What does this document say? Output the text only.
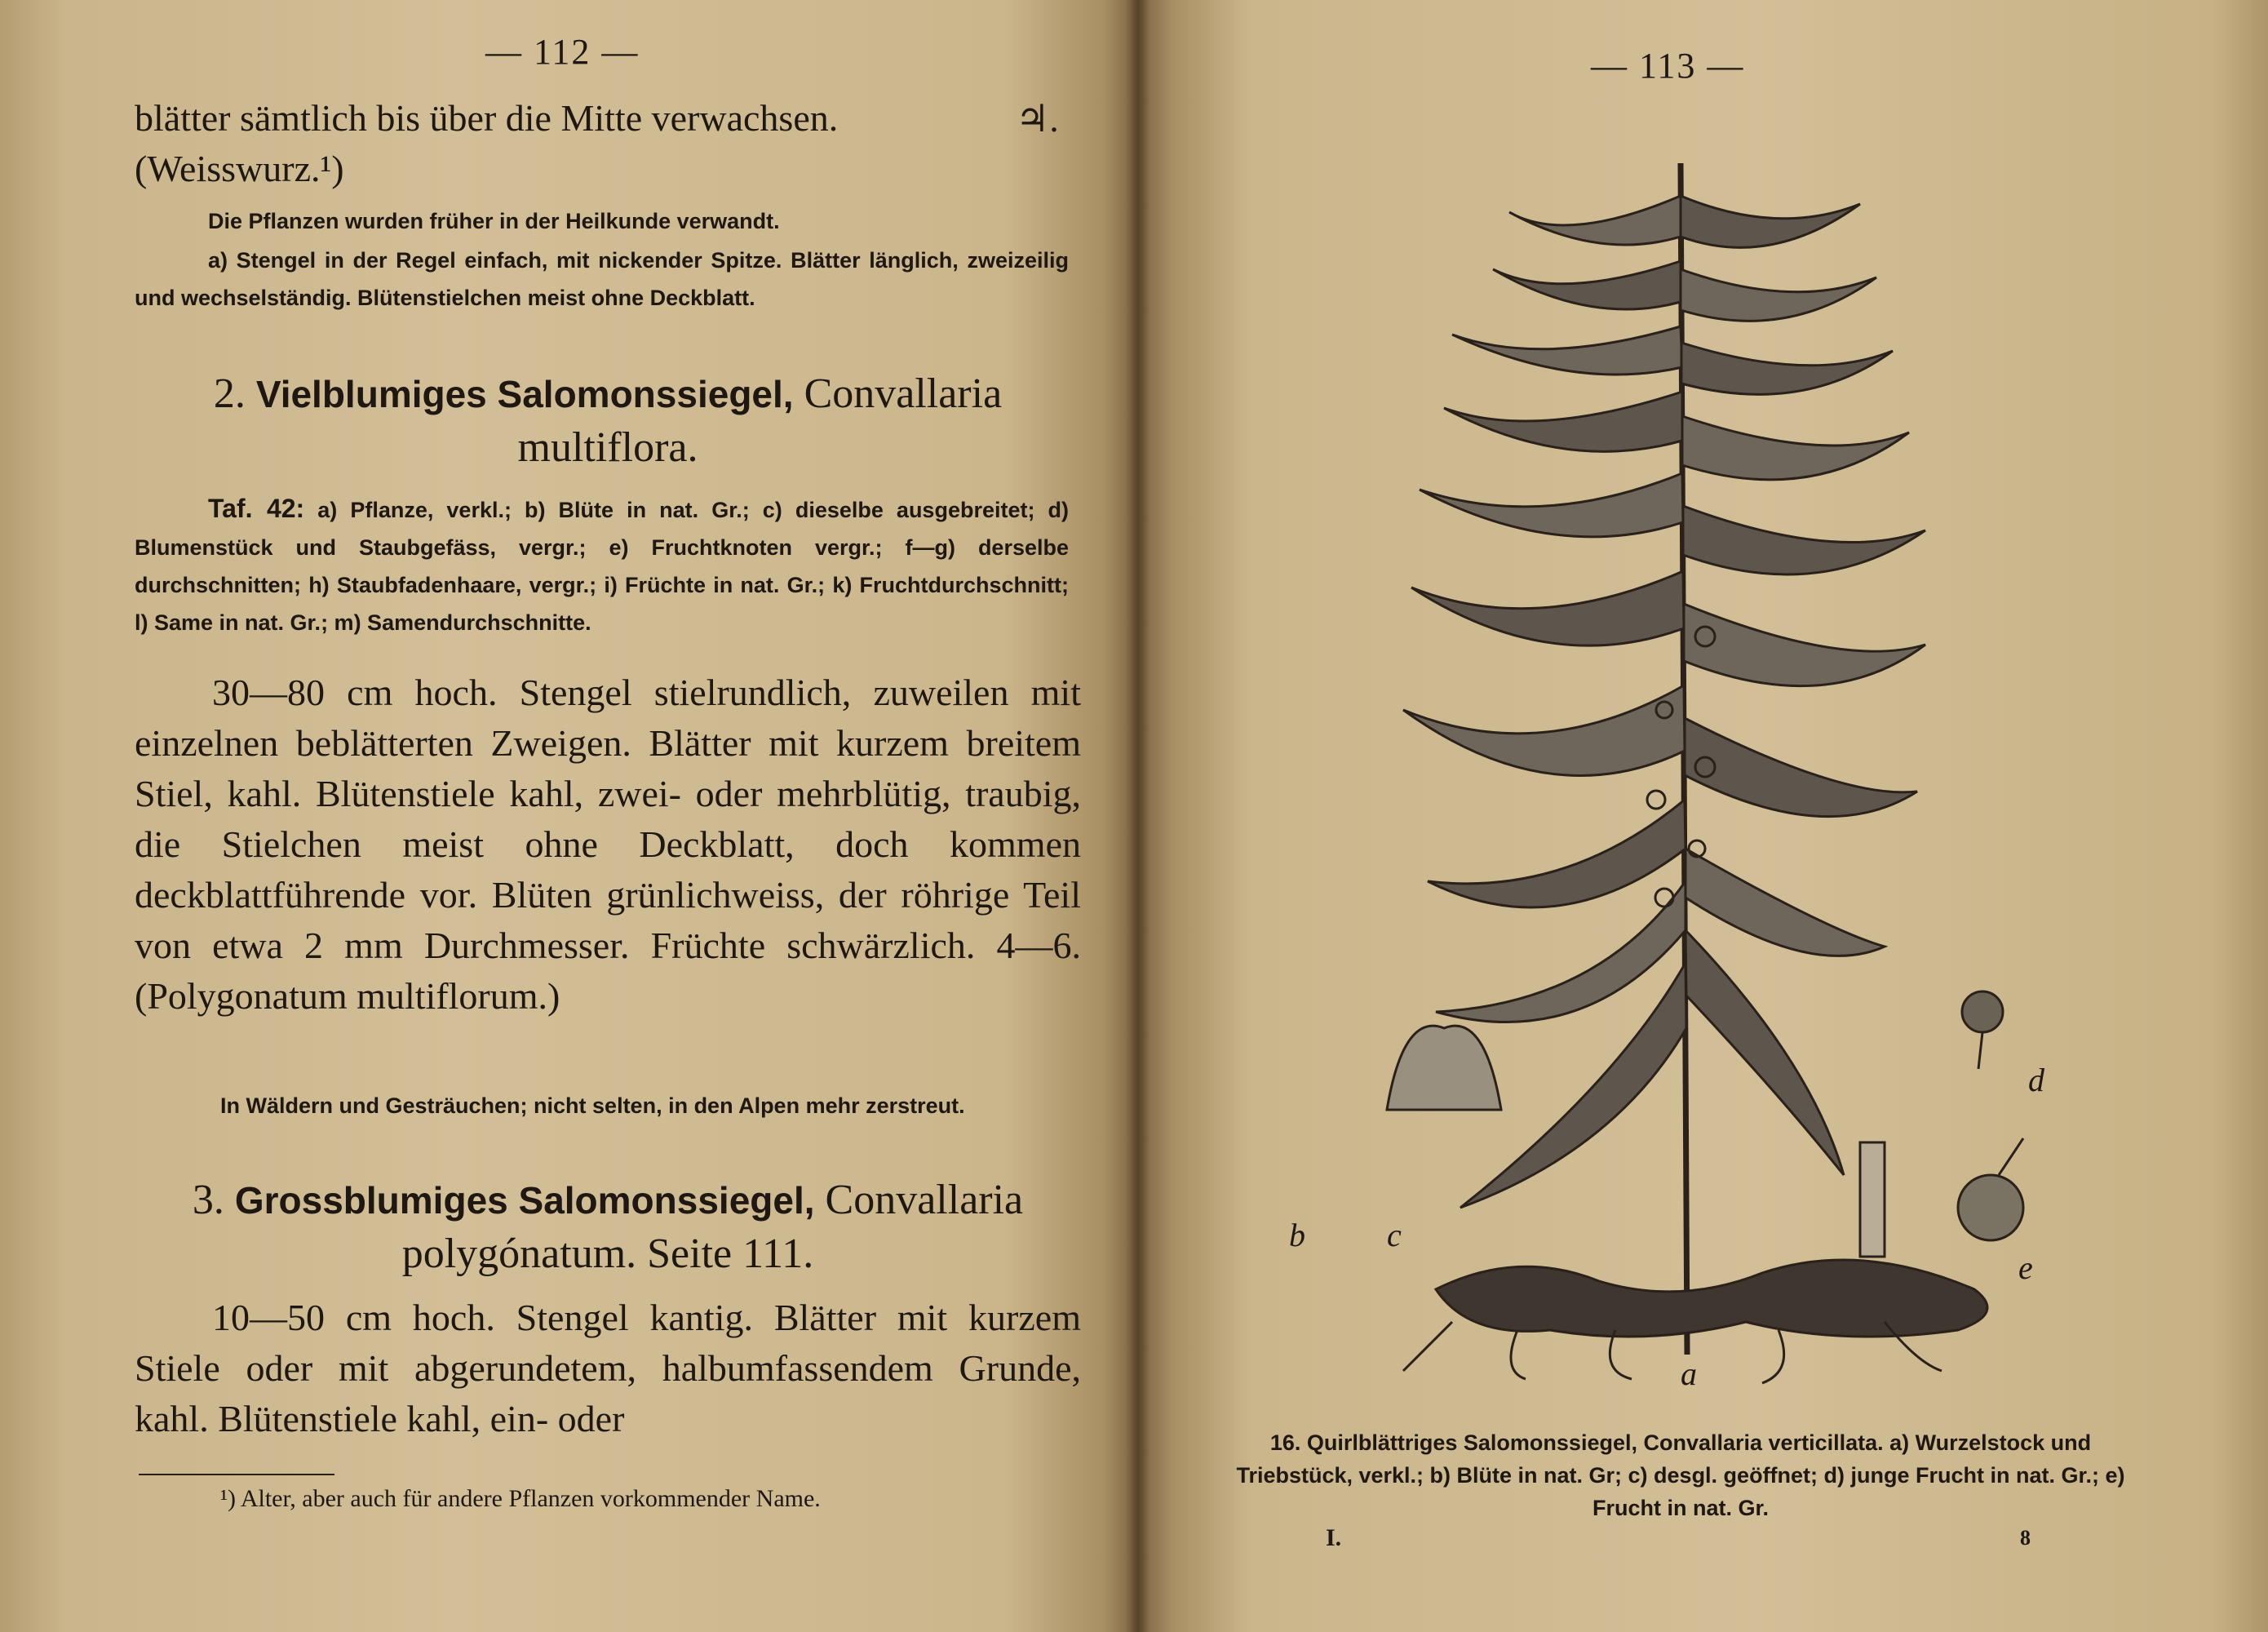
— 112 —
blätter sämtlich bis über die Mitte verwachsen.	♃.
(Weisswurz.¹)
Die Pflanzen wurden früher in der Heilkunde verwandt.
a) Stengel in der Regel einfach, mit nickender Spitze. Blätter länglich, zweizeilig und wechselständig. Blütenstielchen meist ohne Deckblatt.
2. Vielblumiges Salomonssiegel, Convallaria
multiflora.
Taf. 42: a) Pflanze, verkl.; b) Blüte in nat. Gr.; c) dieselbe ausgebreitet; d) Blumenstück und Staubgefäss, vergr.; e) Fruchtknoten vergr.; f—g) derselbe durchschnitten; h) Staubfadenhaare, vergr.; i) Früchte in nat. Gr.; k) Fruchtdurchschnitt; l) Same in nat. Gr.; m) Samendurchschnitte.
30—80 cm hoch. Stengel stielrundlich, zuweilen mit einzelnen beblätterten Zweigen. Blätter mit kurzem breitem Stiel, kahl. Blütenstiele kahl, zwei- oder mehrblütig, traubig, die Stielchen meist ohne Deckblatt, doch kommen deckblattführende vor. Blüten grünlichweiss, der röhrige Teil von etwa 2 mm Durchmesser. Früchte schwärzlich. 4—6. (Polygonatum multiflorum.)
In Wäldern und Gesträuchen; nicht selten, in den Alpen mehr zerstreut.
3. Grossblumiges Salomonssiegel, Convallaria
polygónatum. Seite 111.
10—50 cm hoch. Stengel kantig. Blätter mit kurzem Stiele oder mit abgerundetem, halbumfassendem Grunde, kahl. Blütenstiele kahl, ein- oder
¹) Alter, aber auch für andere Pflanzen vorkommender Name.
— 113 —
a
b	c
d
e
16. Quirlblättriges Salomonssiegel, Convallaria verticillata. a) Wurzelstock und Triebstück, verkl.; b) Blüte in nat. Gr; c) desgl. geöffnet; d) junge Frucht in nat. Gr.; e) Frucht in nat. Gr.
I.	8
